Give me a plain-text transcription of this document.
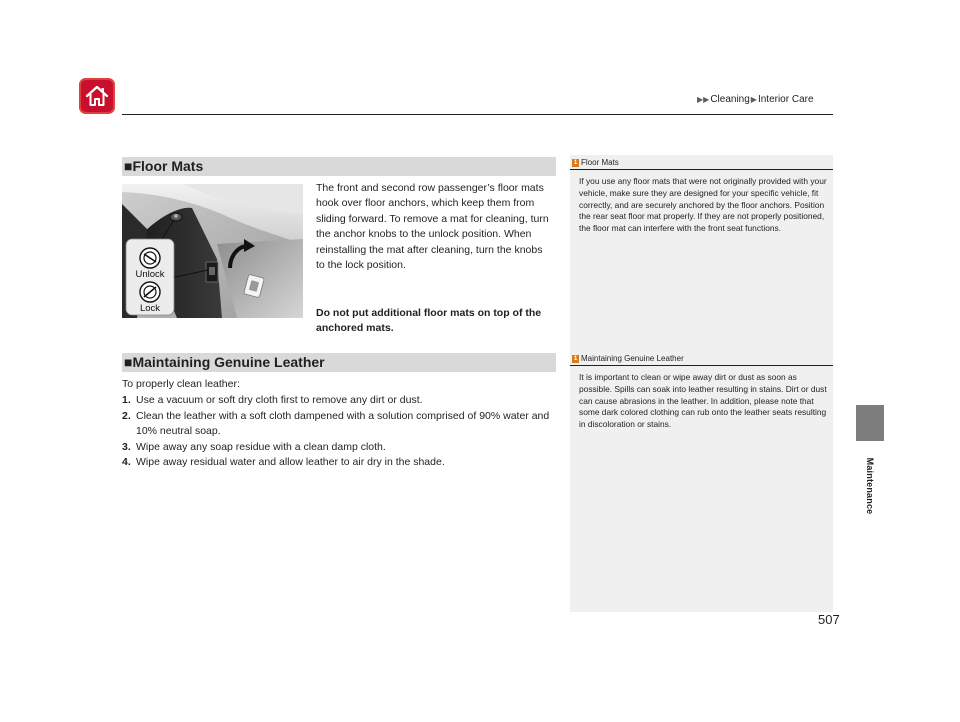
▶▶Cleaning▶Interior Care
Maintenance
■Floor Mats
Unlock
Lock
The front and second row passenger’s floor mats hook over floor anchors, which keep them from sliding forward. To remove a mat for cleaning, turn the anchor knobs to the unlock position. When reinstalling the mat after cleaning, turn the knobs to the lock position.
Do not put additional floor mats on top of the anchored mats.
■Maintaining Genuine Leather
To properly clean leather:
1. Use a vacuum or soft dry cloth first to remove any dirt or dust.
2. Clean the leather with a soft cloth dampened with a solution comprised of 90% water and 10% neutral soap.
3. Wipe away any soap residue with a clean damp cloth.
4. Wipe away residual water and allow leather to air dry in the shade.
1 Floor Mats
If you use any floor mats that were not originally provided with your vehicle, make sure they are designed for your specific vehicle, fit correctly, and are securely anchored by the floor anchors. Position the rear seat floor mat properly. If they are not properly positioned, the floor mat can interfere with the front seat functions.
1 Maintaining Genuine Leather
It is important to clean or wipe away dirt or dust as soon as possible. Spills can soak into leather resulting in stains. Dirt or dust can cause abrasions in the leather. In addition, please note that some dark colored clothing can rub onto the leather seats resulting in discoloration or stains.
507
